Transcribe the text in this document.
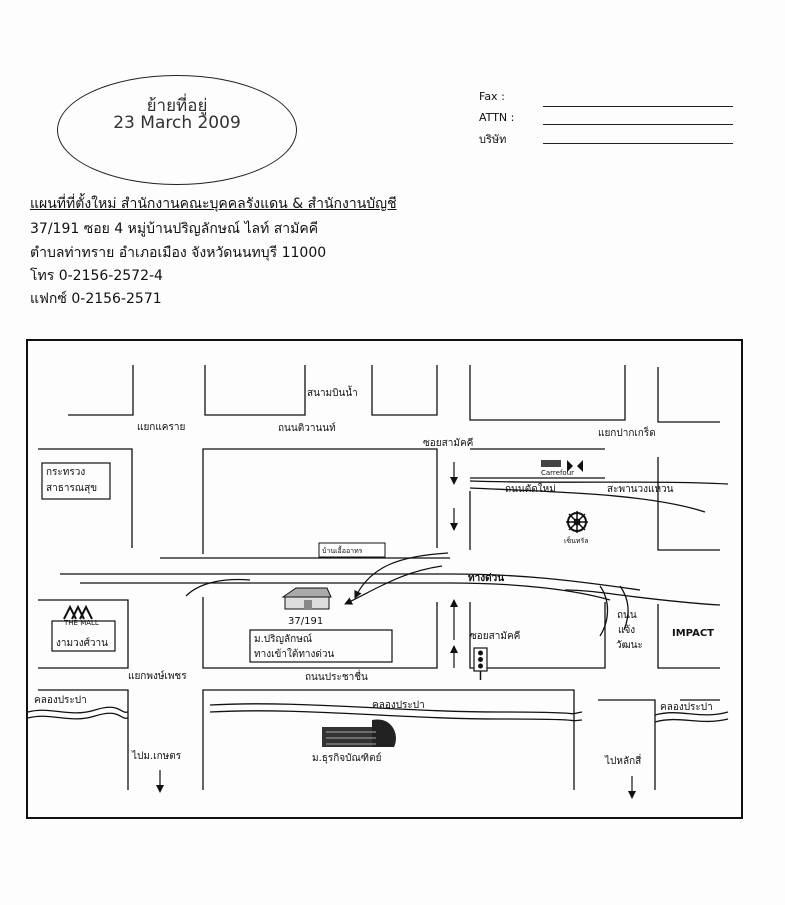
ย้ายที่อยู่
23 March 2009
Fax :
ATTN :
บริษัท
แผนที่ที่ตั้งใหม่ สำนักงานคณะบุคคลรังแดน & สำนักงานบัญชี
37/191 ซอย 4 หมู่บ้านปริญลักษณ์ ไลท์ สามัคคี
ตำบลท่าทราย อำเภอเมือง จังหวัดนนทบุรี 11000
โทร 0-2156-2572-4
แฟกซ์ 0-2156-2571
สนามบินน้ำ
แยกแคราย	ถนนติวานนท์
ซอยสามัคคี
แยกปากเกร็ด
กระทรวง
สาธารณสุข
Carrefour
ถนนตัดใหม่	สะพานวงแหวน
เซ็นทรัล
บ้านเอื้ออาทร
ทางด่วน
THE MALL
งามวงศ์วาน
37/191
ม.ปริญลักษณ์
ทางเข้าใต้ทางด่วน
ซอยสามัคคี
ถนน
แจ้ง
วัฒนะ
IMPACT
แยกพงษ์เพชร	ถนนประชาชื่น
คลองประปา	คลองประปา	คลองประปา
ไปม.เกษตร	ม.ธุรกิจบัณฑิตย์	ไปหลักสี่
